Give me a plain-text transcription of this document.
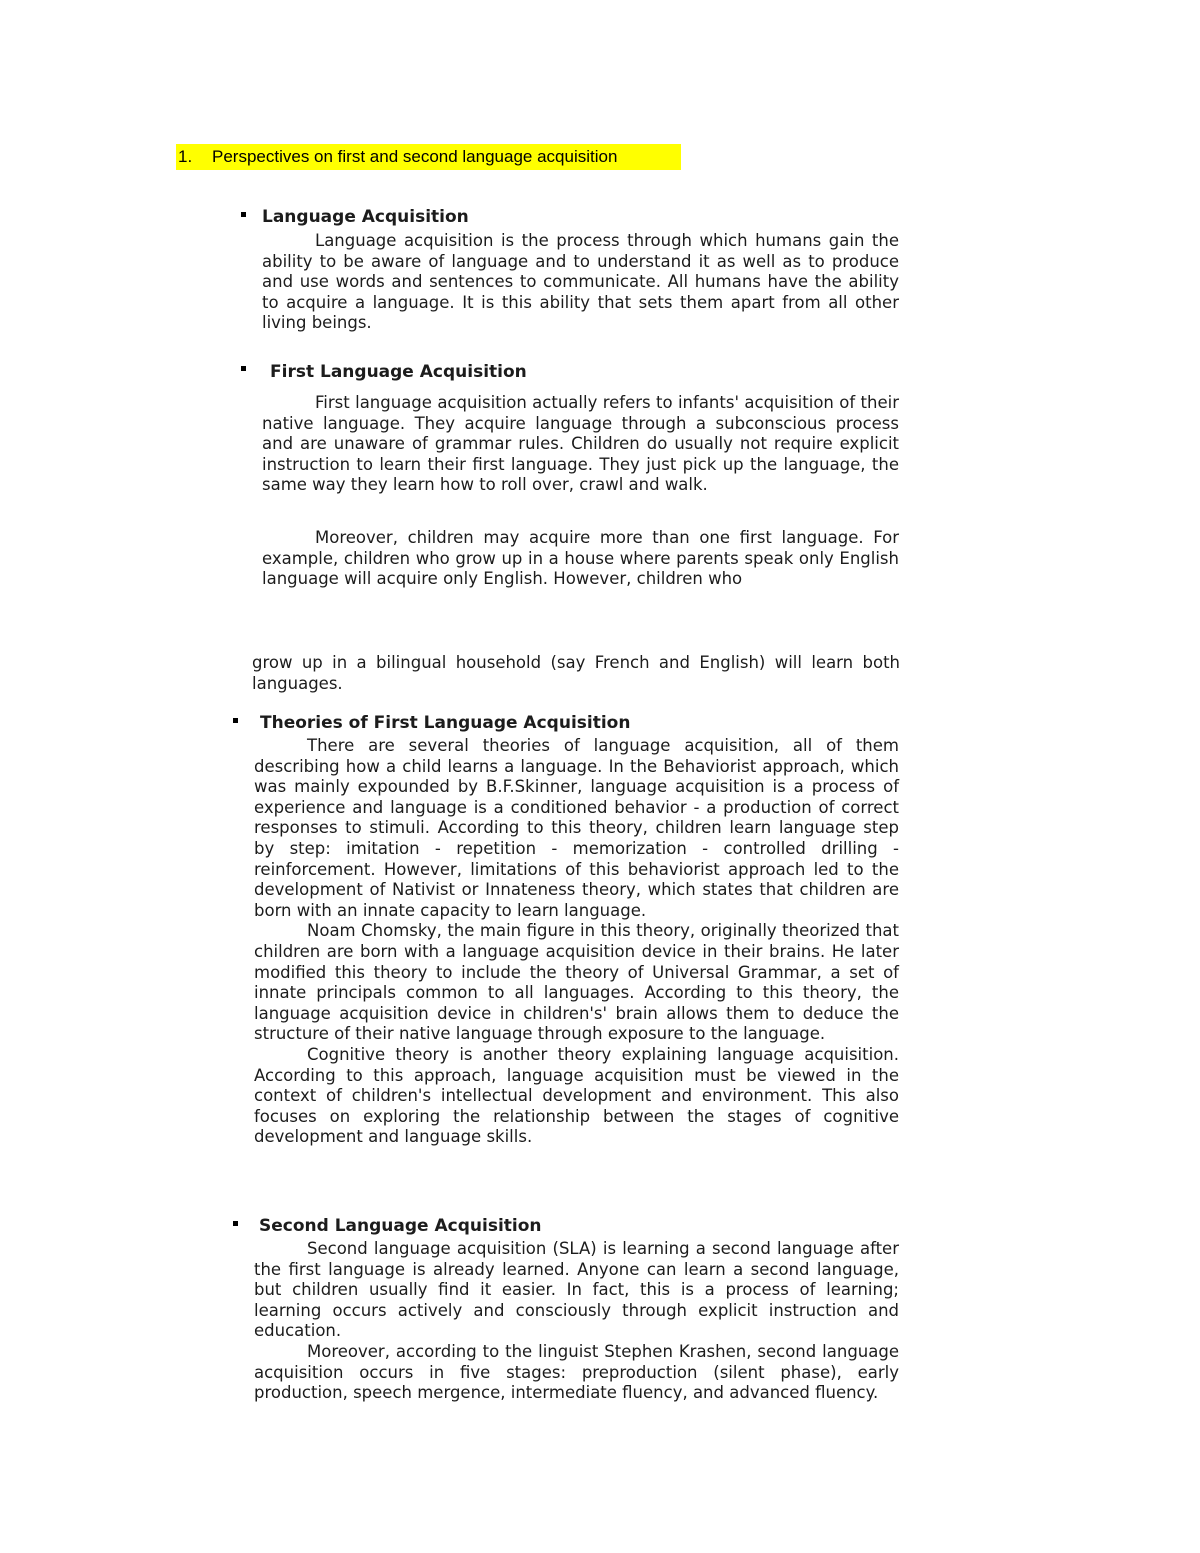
1. Perspectives on first and second language acquisition
Language Acquisition

Language acquisition is the process through which humans gain the ability to be aware of language and to understand it as well as to produce and use words and sentences to communicate. All humans have the ability to acquire a language. It is this ability that sets them apart from all other living beings.

First Language Acquisition

First language acquisition actually refers to infants' acquisition of their native language. They acquire language through a subconscious process and are unaware of grammar rules. Children do usually not require explicit instruction to learn their first language. They just pick up the language, the same way they learn how to roll over, crawl and walk.

Moreover, children may acquire more than one first language. For example, children who grow up in a house where parents speak only English language will acquire only English. However, children who

grow up in a bilingual household (say French and English) will learn both languages.

Theories of First Language Acquisition

There are several theories of language acquisition, all of them describing how a child learns a language. In the Behaviorist approach, which was mainly expounded by B.F.Skinner, language acquisition is a process of experience and language is a conditioned behavior - a production of correct responses to stimuli. According to this theory, children learn language step by step: imitation - repetition - memorization - controlled drilling - reinforcement. However, limitations of this behaviorist approach led to the development of Nativist or Innateness theory, which states that children are born with an innate capacity to learn language.

Noam Chomsky, the main figure in this theory, originally theorized that children are born with a language acquisition device in their brains. He later modified this theory to include the theory of Universal Grammar, a set of innate principals common to all languages. According to this theory, the language acquisition device in children's' brain allows them to deduce the structure of their native language through exposure to the language.

Cognitive theory is another theory explaining language acquisition. According to this approach, language acquisition must be viewed in the context of children's intellectual development and environment. This also focuses on exploring the relationship between the stages of cognitive development and language skills.

Second Language Acquisition

Second language acquisition (SLA) is learning a second language after the first language is already learned. Anyone can learn a second language, but children usually find it easier. In fact, this is a process of learning; learning occurs actively and consciously through explicit instruction and education.

Moreover, according to the linguist Stephen Krashen, second language acquisition occurs in five stages: preproduction (silent phase), early production, speech mergence, intermediate fluency, and advanced fluency.
